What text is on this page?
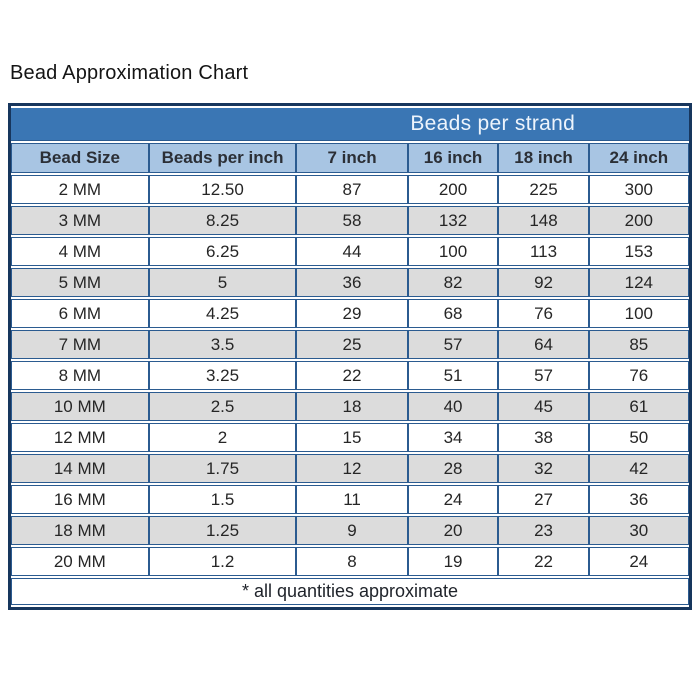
Bead Approximation Chart
		Beads per strand			
Bead Size	Beads per inch	7 inch	16 inch	18 inch	24 inch
2 MM	12.50	87	200	225	300
3 MM	8.25	58	132	148	200
4 MM	6.25	44	100	113	153
5 MM	5	36	82	92	124
6 MM	4.25	29	68	76	100
7 MM	3.5	25	57	64	85
8 MM	3.25	22	51	57	76
10 MM	2.5	18	40	45	61
12 MM	2	15	34	38	50
14 MM	1.75	12	28	32	42
16 MM	1.5	11	24	27	36
18 MM	1.25	9	20	23	30
20 MM	1.2	8	19	22	24
* all quantities approximate					
